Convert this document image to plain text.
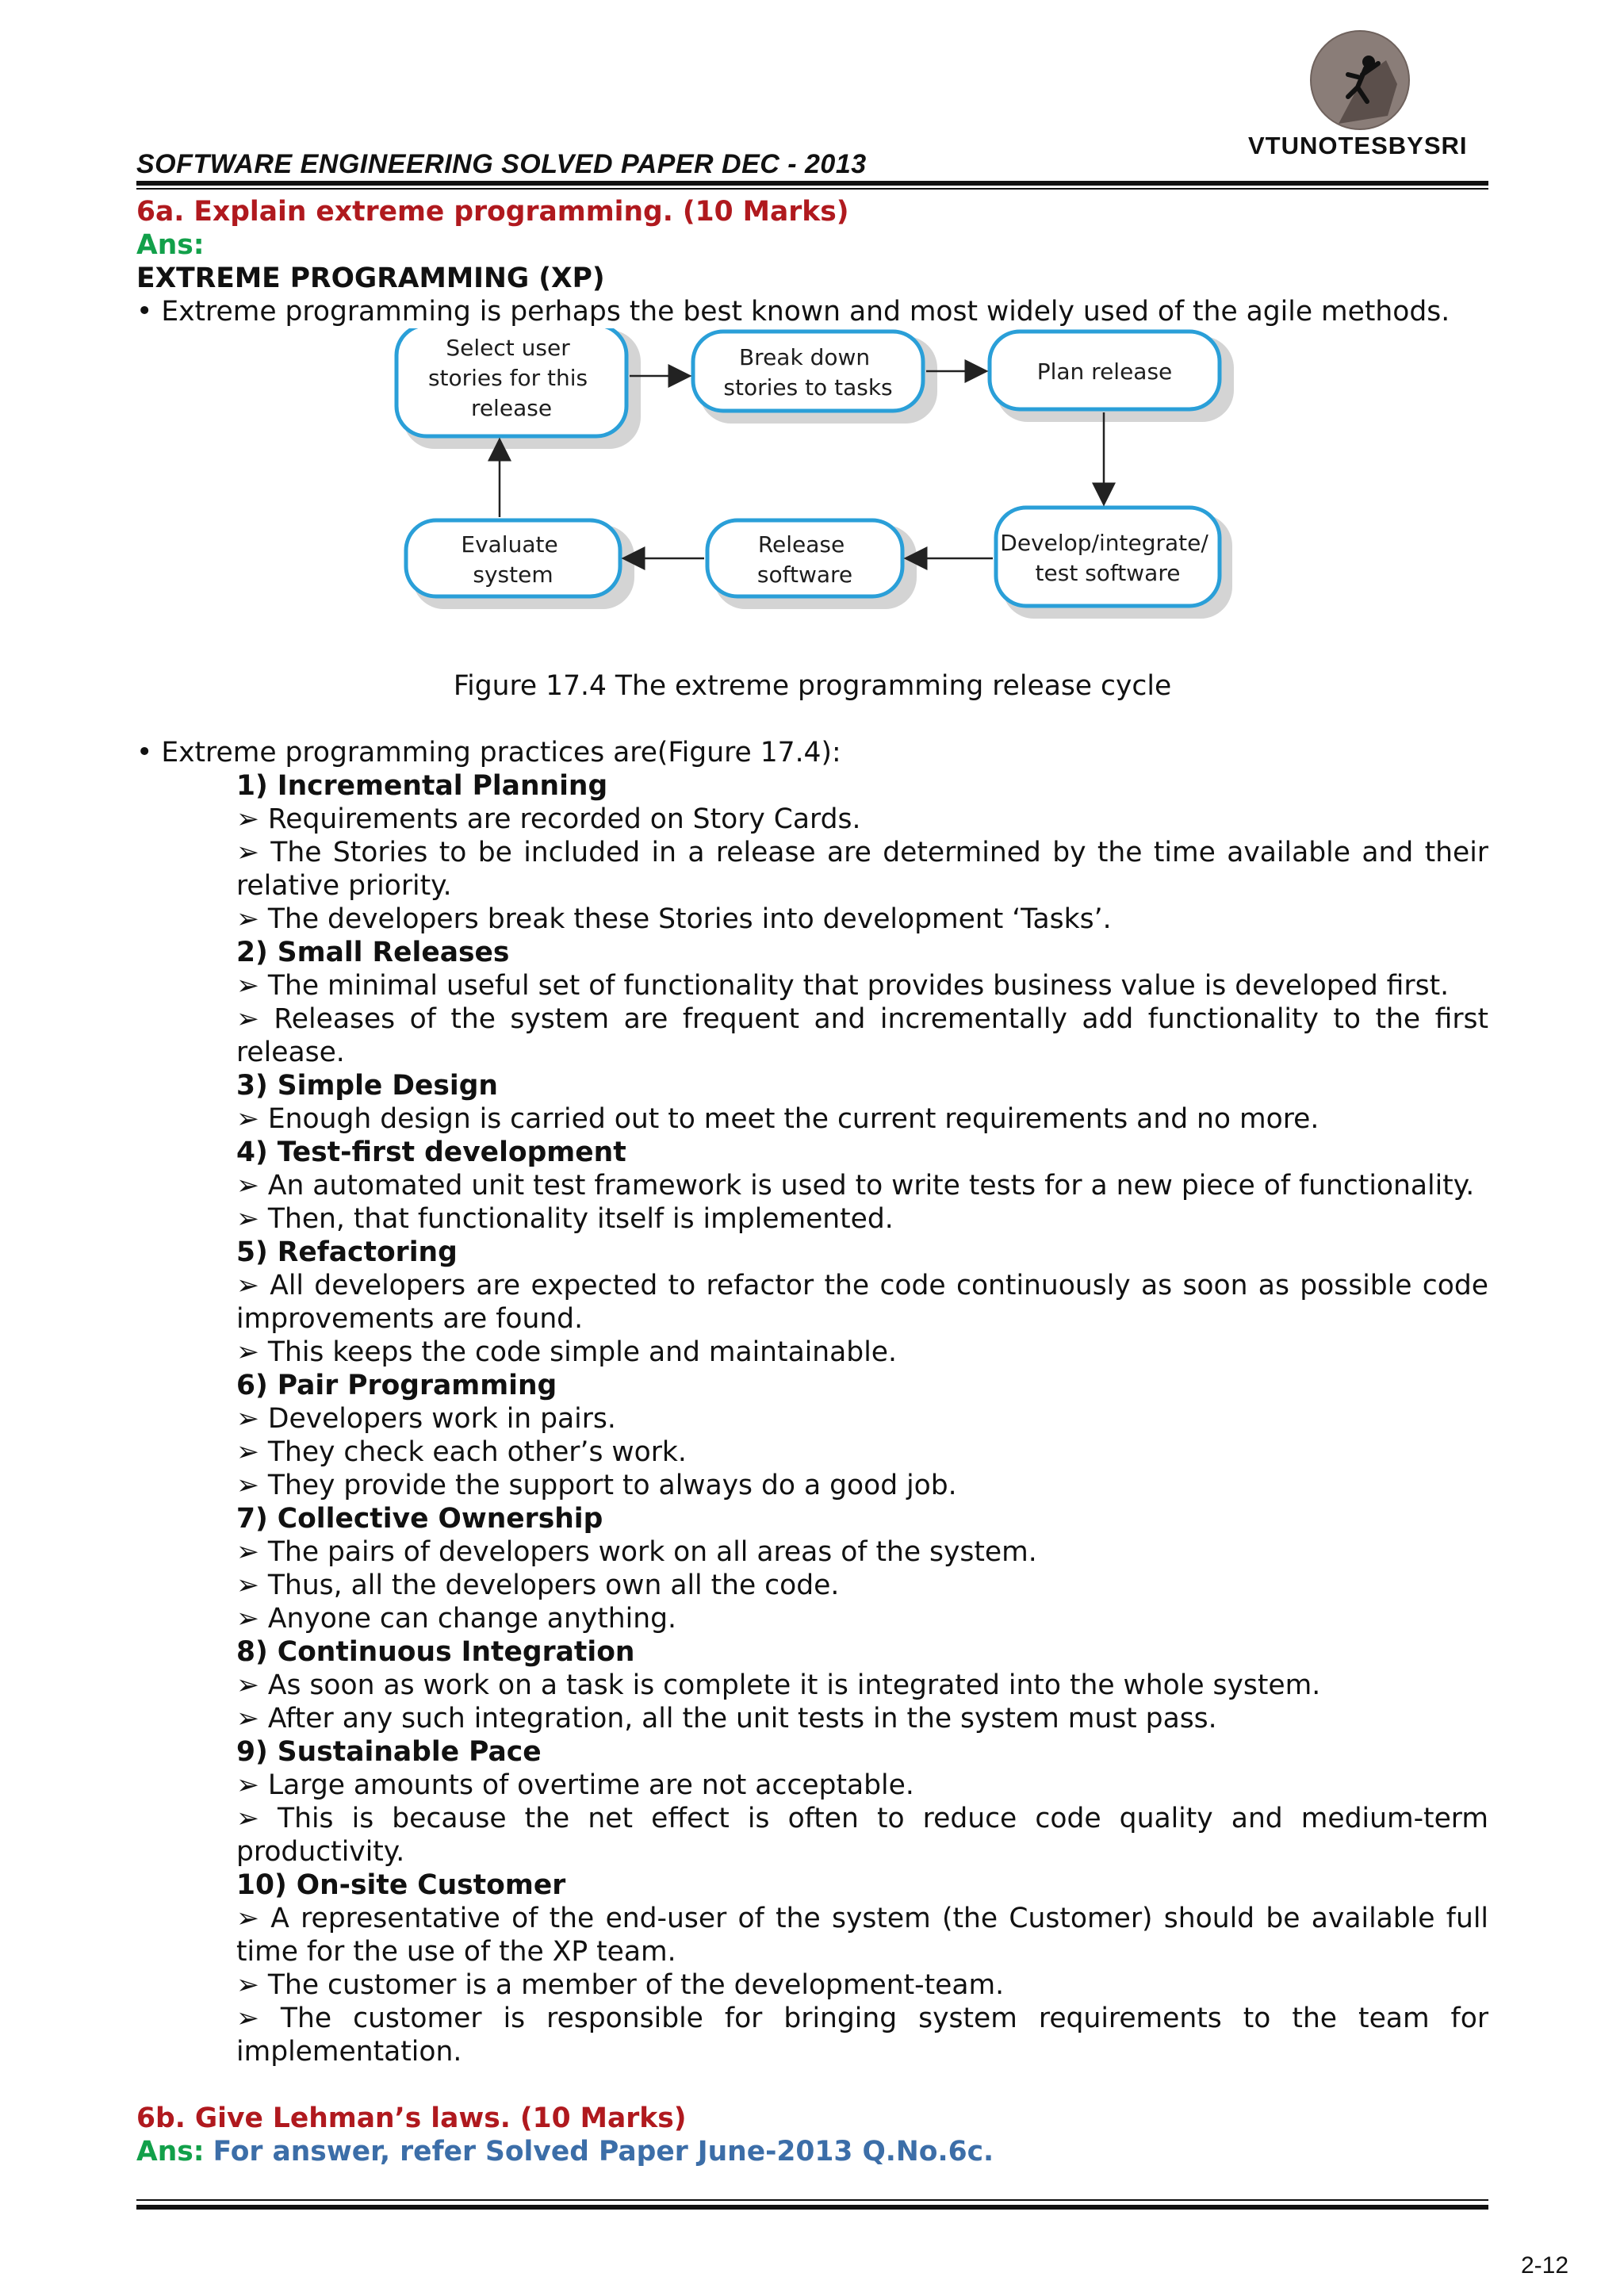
VTUNOTESBYSRI
SOFTWARE ENGINEERING SOLVED PAPER DEC - 2013

6a. Explain extreme programming. (10 Marks)

Ans:

EXTREME PROGRAMMING (XP)

• Extreme programming is perhaps the best known and most widely used of the agile methods.

Select user stories for this release
Break down stories to tasks
Plan release
Develop/integrate/ test software
Release software
Evaluate system

Figure 17.4 The extreme programming release cycle

• Extreme programming practices are(Figure 17.4):

1) Incremental Planning

➢ Requirements are recorded on Story Cards.

➢ The Stories to be included in a release are determined by the time available and their relative priority.

➢ The developers break these Stories into development ‘Tasks’.

2) Small Releases

➢ The minimal useful set of functionality that provides business value is developed first.

➢ Releases of the system are frequent and incrementally add functionality to the first release.

3) Simple Design

➢ Enough design is carried out to meet the current requirements and no more.

4) Test-first development

➢ An automated unit test framework is used to write tests for a new piece of functionality.

➢ Then, that functionality itself is implemented.

5) Refactoring

➢ All developers are expected to refactor the code continuously as soon as possible code improvements are found.

➢ This keeps the code simple and maintainable.

6) Pair Programming

➢ Developers work in pairs.

➢ They check each other’s work.

➢ They provide the support to always do a good job.

7) Collective Ownership

➢ The pairs of developers work on all areas of the system.

➢ Thus, all the developers own all the code.

➢ Anyone can change anything.

8) Continuous Integration

➢ As soon as work on a task is complete it is integrated into the whole system.

➢ After any such integration, all the unit tests in the system must pass.

9) Sustainable Pace

➢ Large amounts of overtime are not acceptable.

➢ This is because the net effect is often to reduce code quality and medium-term productivity.

10) On-site Customer

➢ A representative of the end-user of the system (the Customer) should be available full time for the use of the XP team.

➢ The customer is a member of the development-team.

➢ The customer is responsible for bringing system requirements to the team for implementation.

6b. Give Lehman’s laws. (10 Marks)

Ans: For answer, refer Solved Paper June-2013 Q.No.6c.

2-12
